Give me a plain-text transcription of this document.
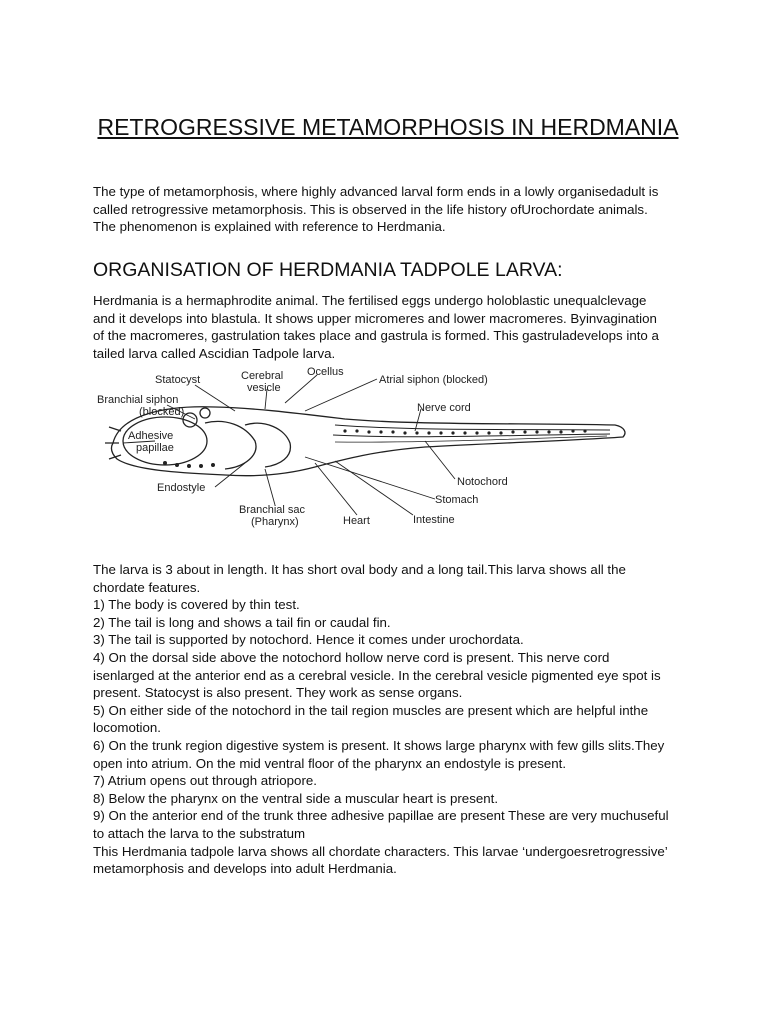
RETROGRESSIVE METAMORPHOSIS IN HERDMANIA

The type of metamorphosis, where highly advanced larval form ends in a lowly organisedadult is called retrogressive metamorphosis. This is observed in the life history ofUrochordate animals. The phenomenon is explained with reference to Herdmania.

ORGANISATION OF HERDMANIA TADPOLE LARVA:

Herdmania is a hermaphrodite animal. The fertilised eggs undergo holoblastic unequalclevage and it develops into blastula. It shows upper micromeres and lower macromeres. Byinvagination of the macromeres, gastrulation takes place and gastrula is formed. This gastruladevelops into a tailed larva called Ascidian Tadpole larva.

The larva is 3 about in length. It has short oval body and a long tail.This larva shows all the chordate features.
1) The body is covered by thin test.
2) The tail is long and shows a tail fin or caudal fin.
3) The tail is supported by notochord. Hence it comes under urochordata.
4) On the dorsal side above the notochord hollow nerve cord is present. This nerve cord isenlarged at the anterior end as a cerebral vesicle. In the cerebral vesicle pigmented eye spot is present. Statocyst is also present. They work as sense organs.
5) On either side of the notochord in the tail region muscles are present which are helpful inthe locomotion.
6) On the trunk region digestive system is present. It shows large pharynx with few gills slits.They open into atrium. On the mid ventral floor of the pharynx an endostyle is present.
7) Atrium opens out through atriopore.
8) Below the pharynx on the ventral side a muscular heart is present.
9) On the anterior end of the trunk three adhesive papillae are present These are very muchuseful to attach the larva to the substratum
This Herdmania tadpole larva shows all chordate characters. This larvae ‘undergoesretrogressive’ metamorphosis and develops into adult Herdmania.
Statocyst	Cerebral
vesicle
Ocellus
Atrial siphon (blocked)
Branchial siphon
(blocked)	Nerve cord
Adhesive
papillae
Notochord
Endostyle
Stomach
Branchial sac
(Pharynx)	Heart	Intestine
